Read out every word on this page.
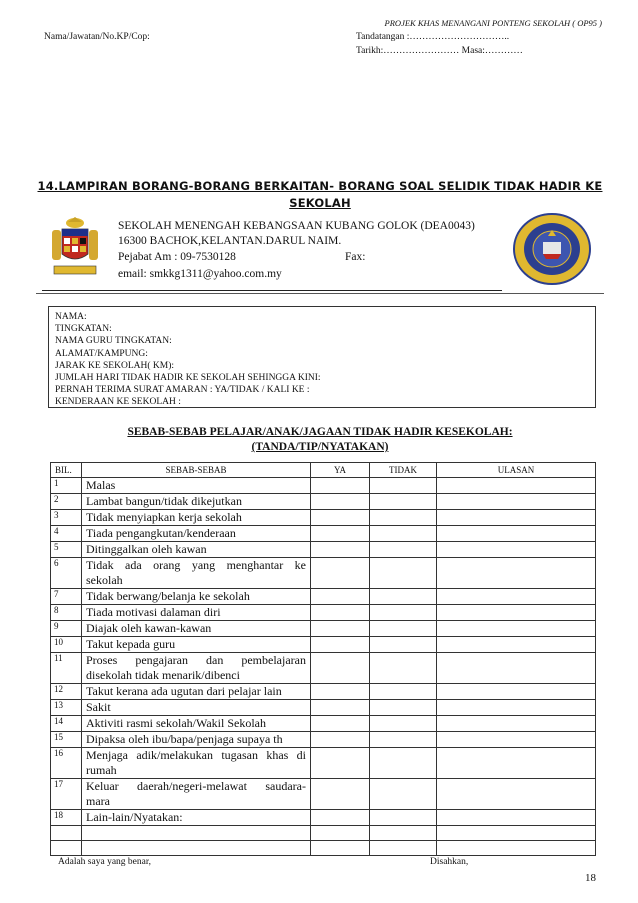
PROJEK KHAS MENANGANI PONTENG SEKOLAH ( OP95 )
Nama/Jawatan/No.KP/Cop:	Tandatangan :…………………………..
Tarikh:…………………… Masa:…………
14.LAMPIRAN BORANG-BORANG BERKAITAN- BORANG SOAL SELIDIK TIDAK HADIR KE SEKOLAH
SEKOLAH MENENGAH KEBANGSAAN KUBANG GOLOK (DEA0043)
16300 BACHOK,KELANTAN.DARUL NAIM.
Pejabat Am : 09-7530128	Fax:
email: smkkg1311@yahoo.com.my
NAMA:
TINGKATAN:
NAMA GURU TINGKATAN:
ALAMAT/KAMPUNG:
JARAK KE SEKOLAH( KM):
JUMLAH HARI TIDAK HADIR KE SEKOLAH SEHINGGA KINI:
PERNAH TERIMA SURAT AMARAN : YA/TIDAK / KALI KE :
KENDERAAN KE SEKOLAH :
SEBAB-SEBAB PELAJAR/ANAK/JAGAAN TIDAK HADIR KESEKOLAH:
(TANDA/TIP/NYATAKAN)
BIL.	SEBAB-SEBAB	YA	TIDAK	ULASAN
1	Malas			

2	Lambat bangun/tidak dikejutkan			

3	Tidak menyiapkan kerja sekolah			

4	Tiada pengangkutan/kenderaan			

5	Ditinggalkan oleh kawan			

6	Tidak ada orang yang menghantar ke
sekolah			

7	Tidak berwang/belanja ke sekolah			

8	Tiada motivasi dalaman diri			

9	Diajak oleh kawan-kawan			

10	Takut kepada guru			

11	Proses pengajaran dan pembelajaran
disekolah tidak menarik/dibenci			

12	Takut kerana ada ugutan dari pelajar lain			

13	Sakit			

14	Aktiviti rasmi sekolah/Wakil Sekolah			

15	Dipaksa oleh ibu/bapa/penjaga supaya th			

16	Menjaga adik/melakukan tugasan khas di
rumah			

17	Keluar daerah/negeri-melawat saudara-
mara			

18	Lain-lain/Nyatakan:			

Adalah saya yang benar,	Disahkan,
18
